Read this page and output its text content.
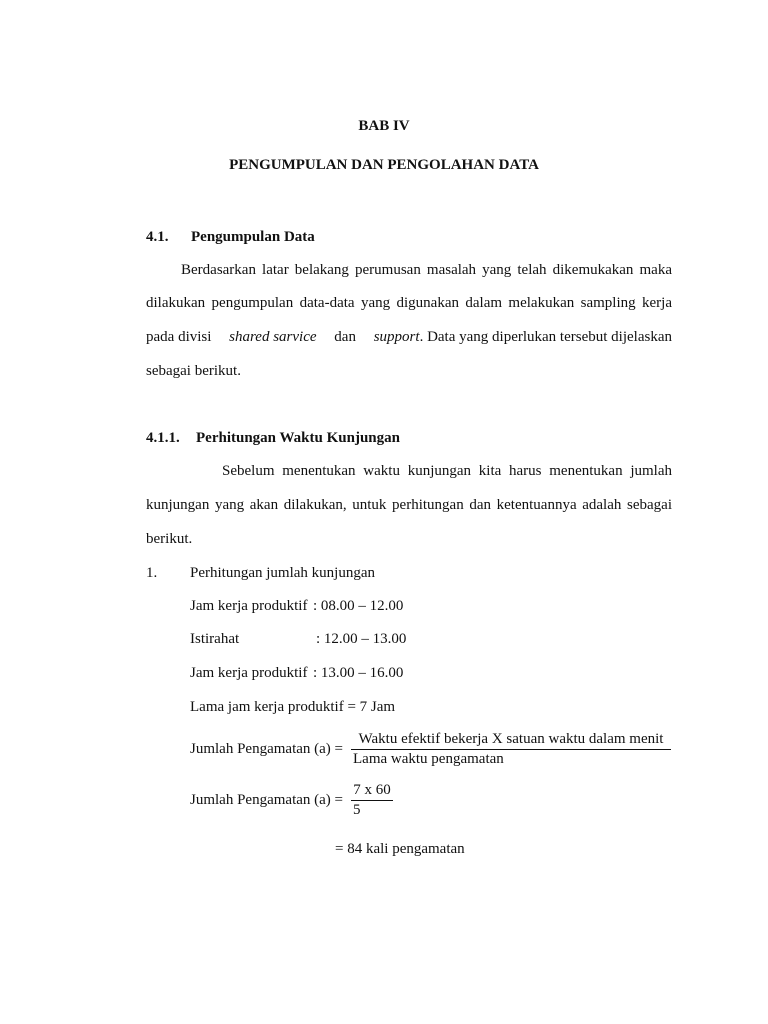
BAB IV
PENGUMPULAN DAN PENGOLAHAN DATA
4.1. Pengumpulan Data
Berdasarkan latar belakang perumusan masalah yang telah dikemukakan maka
dilakukan pengumpulan data-data yang digunakan dalam melakukan sampling kerja
pada divisi shared sarvice dan support. Data yang diperlukan tersebut dijelaskan
sebagai berikut.
4.1.1. Perhitungan Waktu Kunjungan
Sebelum menentukan waktu kunjungan kita harus menentukan jumlah
kunjungan yang akan dilakukan, untuk perhitungan dan ketentuannya adalah sebagai
berikut.
1. Perhitungan jumlah kunjungan
Jam kerja produktif : 08.00 – 12.00
Istirahat	: 12.00 – 13.00
Jam kerja produktif : 13.00 – 16.00
Lama jam kerja produktif = 7 Jam
Jumlah Pengamatan (a) =
Waktu efektif bekerja X satuan waktu dalam menit
Lama waktu pengamatan
Jumlah Pengamatan $(a) = \frac{7 x 60}{5}$
= 84 kali pengamatan
